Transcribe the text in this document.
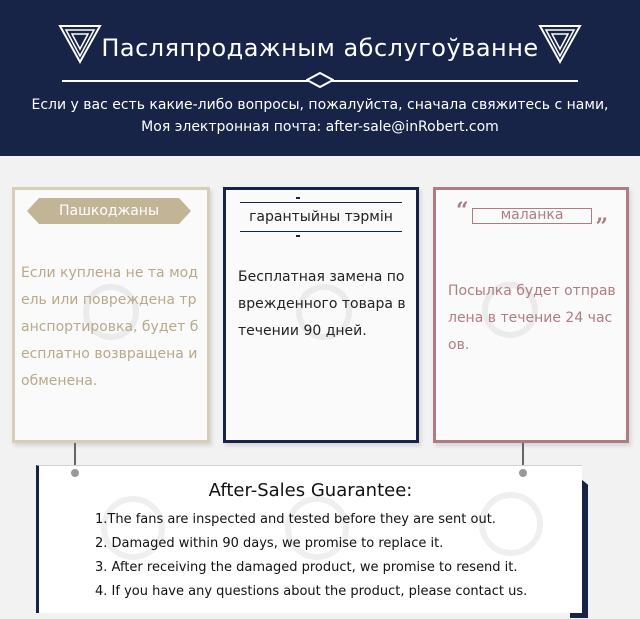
Пасляпродажным абслугоўванне
Если у вас есть какие-либо вопросы, пожалуйста, сначала свяжитесь с нами,
Моя электронная почта: after-sale@inRobert.com
Пашкоджаны
Если куплена не та модель или повреждена транспортировка, будет бесплатно возвращена и обменена.
гарантыйны тэрмін
Бесплатная замена поврежденного товара в течении 90 дней.
“
”
маланка
Посылка будет отправлена в течение 24 часов.
After-Sales Guarantee:
1.The fans are inspected and tested before they are sent out.
2. Damaged within 90 days, we promise to replace it.
3. After receiving the damaged product, we promise to resend it.
4. If you have any questions about the product, please contact us.
